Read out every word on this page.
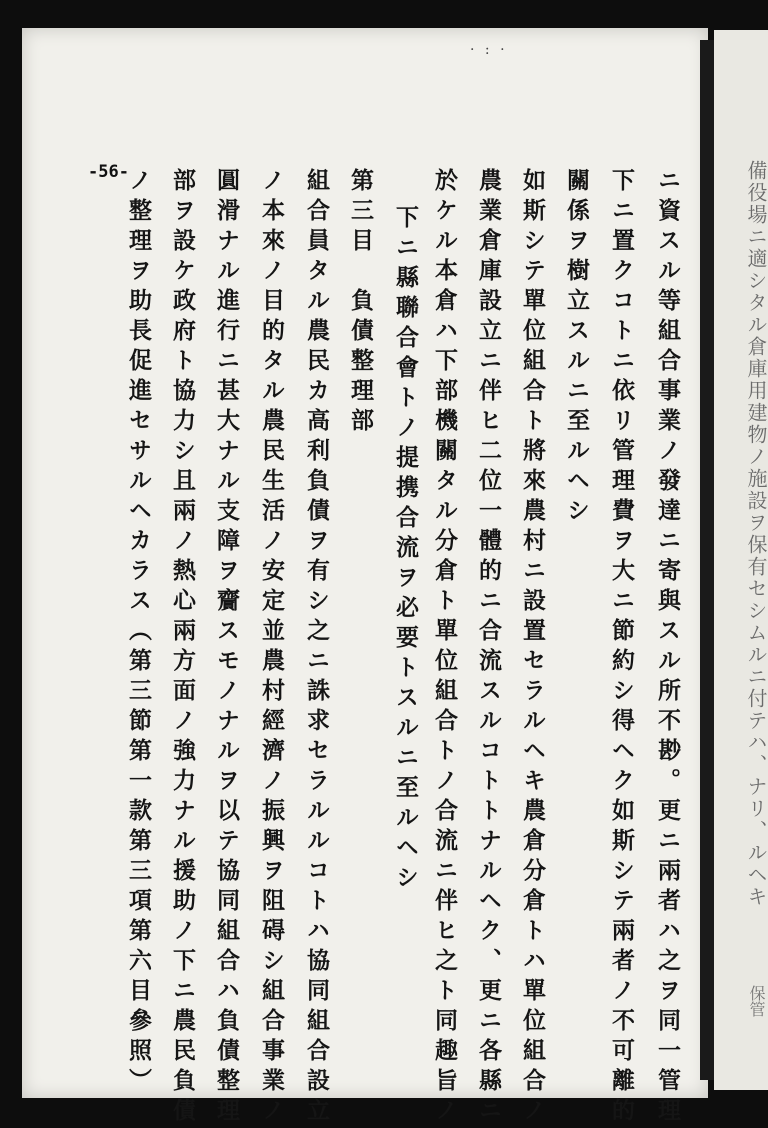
備役場ニ適シタル倉庫用建物ノ施設ヲ保有セシムルニ付テハ、ナリ、ルヘキ
保管
· : ·
-56-	ニ資スル等組合事業ノ發達ニ寄與スル所不尠。更ニ兩者ハ之ヲ同一管理
下ニ置クコトニ依リ管理費ヲ大ニ節約シ得ヘク如斯シテ兩者ノ不可離的
關係ヲ樹立スルニ至ルヘシ
如斯シテ單位組合ト將來農村ニ設置セラルヘキ農倉分倉トハ單位組合ノ
農業倉庫設立ニ伴ヒ二位一體的ニ合流スルコトトナルヘク、更ニ各縣ニ
於ケル本倉ハ下部機關タル分倉ト單位組合トノ合流ニ伴ヒ之ト同趣旨ノ
下ニ縣聯合會トノ提携合流ヲ必要トスルニ至ルヘシ
第三目　負債整理部
組合員タル農民カ高利負債ヲ有シ之ニ誅求セラルルコトハ協同組合設立
ノ本來ノ目的タル農民生活ノ安定並農村經濟ノ振興ヲ阻碍シ組合事業ノ
圓滑ナル進行ニ甚大ナル支障ヲ齎スモノナルヲ以テ協同組合ハ負債整理
部ヲ設ケ政府ト協力シ且兩ノ熱心兩方面ノ強力ナル援助ノ下ニ農民負債
ノ整理ヲ助長促進セサルヘカラス（第三節第一款第三項第六目參照）
